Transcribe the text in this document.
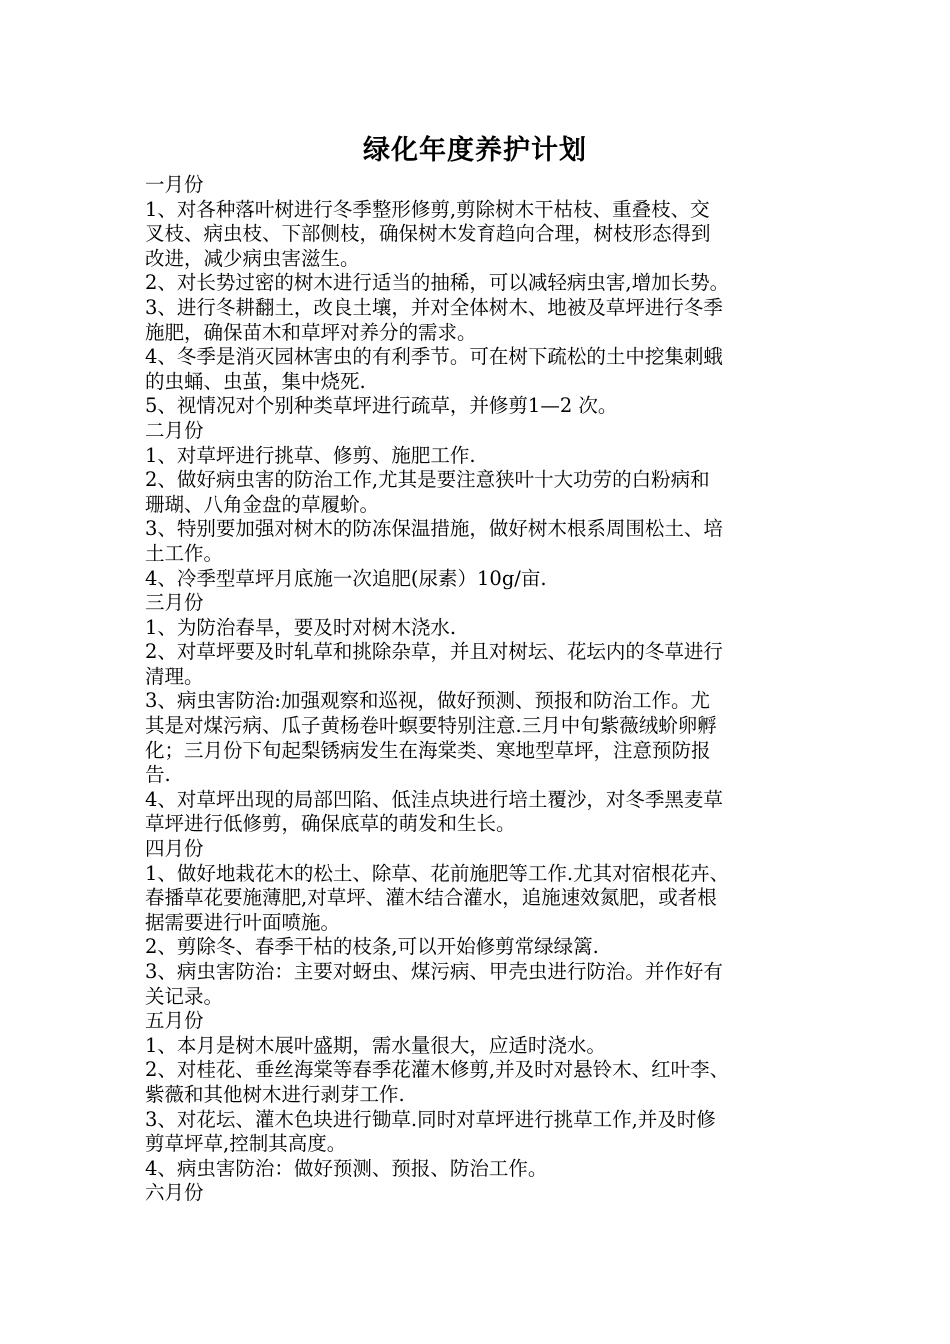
绿化年度养护计划
一月份
1、对各种落叶树进行冬季整形修剪,剪除树木干枯枝、重叠枝、交
叉枝、病虫枝、下部侧枝，确保树木发育趋向合理，树枝形态得到
改进，减少病虫害滋生。
2、对长势过密的树木进行适当的抽稀，可以减轻病虫害,增加长势。
3、进行冬耕翻土，改良土壤，并对全体树木、地被及草坪进行冬季
施肥，确保苗木和草坪对养分的需求。
4、冬季是消灭园林害虫的有利季节。可在树下疏松的土中挖集刺蛾
的虫蛹、虫茧，集中烧死.
5、视情况对个别种类草坪进行疏草，并修剪1—2 次。
二月份
1、对草坪进行挑草、修剪、施肥工作.
2、做好病虫害的防治工作,尤其是要注意狭叶十大功劳的白粉病和
珊瑚、八角金盘的草履蚧。
3、特别要加强对树木的防冻保温措施，做好树木根系周围松土、培
土工作。
4、冷季型草坪月底施一次追肥(尿素）10g/亩.
三月份
1、为防治春旱，要及时对树木浇水.
2、对草坪要及时轧草和挑除杂草，并且对树坛、花坛内的冬草进行
清理。
3、病虫害防治:加强观察和巡视，做好预测、预报和防治工作。尤
其是对煤污病、瓜子黄杨卷叶螟要特别注意.三月中旬紫薇绒蚧卵孵
化；三月份下旬起梨锈病发生在海棠类、寒地型草坪，注意预防报
告.
4、对草坪出现的局部凹陷、低洼点块进行培土覆沙，对冬季黑麦草
草坪进行低修剪，确保底草的萌发和生长。
四月份
1、做好地栽花木的松土、除草、花前施肥等工作.尤其对宿根花卉、
春播草花要施薄肥,对草坪、灌木结合灌水，追施速效氮肥，或者根
据需要进行叶面喷施。
2、剪除冬、春季干枯的枝条,可以开始修剪常绿绿篱.
3、病虫害防治：主要对蚜虫、煤污病、甲壳虫进行防治。并作好有
关记录。
五月份
1、本月是树木展叶盛期，需水量很大，应适时浇水。
2、对桂花、垂丝海棠等春季花灌木修剪,并及时对悬铃木、红叶李、
紫薇和其他树木进行剥芽工作.
3、对花坛、灌木色块进行锄草.同时对草坪进行挑草工作,并及时修
剪草坪草,控制其高度。
4、病虫害防治：做好预测、预报、防治工作。
六月份
